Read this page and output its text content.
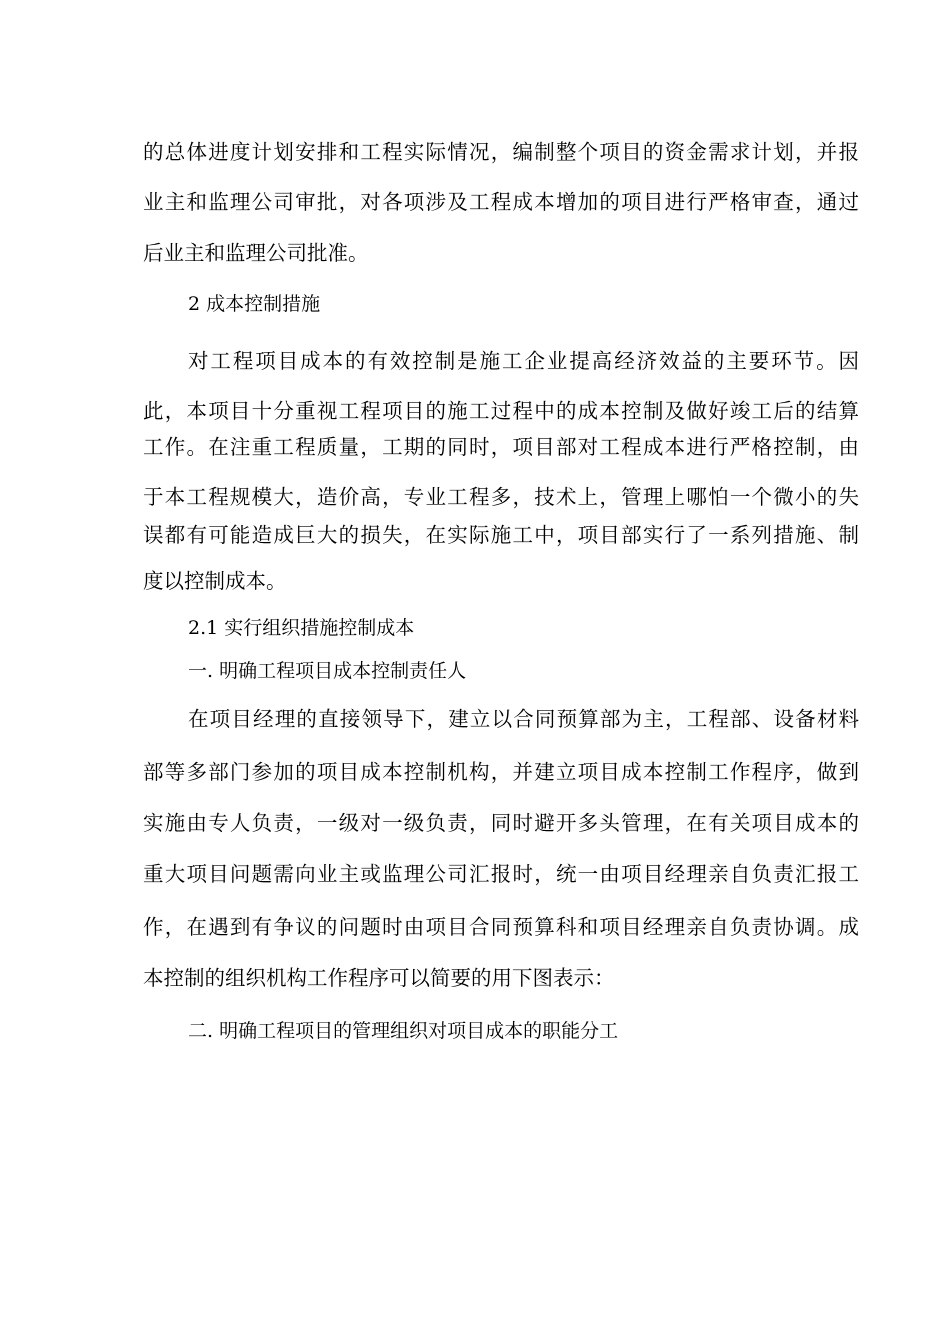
的总体进度计划安排和工程实际情况，编制整个项目的资金需求计划，并报
业主和监理公司审批，对各项涉及工程成本增加的项目进行严格审查，通过
后业主和监理公司批准。
2 成本控制措施
对工程项目成本的有效控制是施工企业提高经济效益的主要环节。因
此，本项目十分重视工程项目的施工过程中的成本控制及做好竣工后的结算
工作。在注重工程质量，工期的同时，项目部对工程成本进行严格控制，由
于本工程规模大，造价高，专业工程多，技术上，管理上哪怕一个微小的失
误都有可能造成巨大的损失，在实际施工中，项目部实行了一系列措施、制
度以控制成本。
2.1 实行组织措施控制成本
一. 明确工程项目成本控制责任人
在项目经理的直接领导下，建立以合同预算部为主，工程部、设备材料
部等多部门参加的项目成本控制机构，并建立项目成本控制工作程序，做到
实施由专人负责，一级对一级负责，同时避开多头管理，在有关项目成本的
重大项目问题需向业主或监理公司汇报时，统一由项目经理亲自负责汇报工
作，在遇到有争议的问题时由项目合同预算科和项目经理亲自负责协调。成
本控制的组织机构工作程序可以简要的用下图表示：
二. 明确工程项目的管理组织对项目成本的职能分工
